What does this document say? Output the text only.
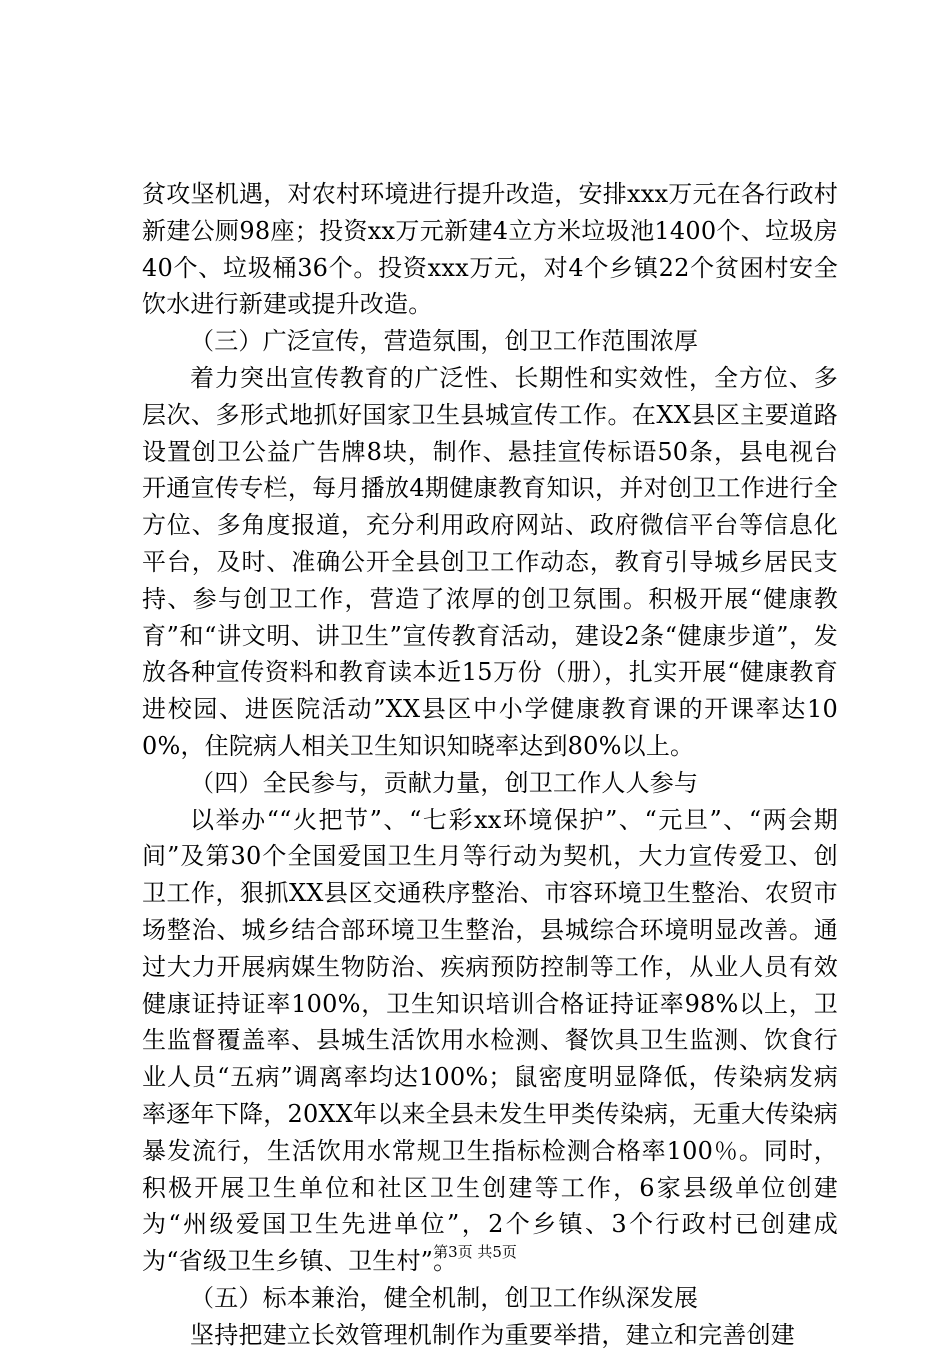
贫攻坚机遇，对农村环境进行提升改造，安排xxx万元在各行政村新建公厕98座；投资xx万元新建4立方米垃圾池1400个、垃圾房40个、垃圾桶36个。投资xxx万元，对4个乡镇22个贫困村安全饮水进行新建或提升改造。

（三）广泛宣传，营造氛围，创卫工作范围浓厚

着力突出宣传教育的广泛性、长期性和实效性，全方位、多层次、多形式地抓好国家卫生县城宣传工作。在XX县区主要道路设置创卫公益广告牌8块，制作、悬挂宣传标语50条，县电视台开通宣传专栏，每月播放4期健康教育知识，并对创卫工作进行全方位、多角度报道，充分利用政府网站、政府微信平台等信息化平台，及时、准确公开全县创卫工作动态，教育引导城乡居民支持、参与创卫工作，营造了浓厚的创卫氛围。积极开展“健康教育”和“讲文明、讲卫生”宣传教育活动，建设2条“健康步道”，发放各种宣传资料和教育读本近15万份（册），扎实开展“健康教育进校园、进医院活动”XX县区中小学健康教育课的开课率达100%，住院病人相关卫生知识知晓率达到80%以上。

（四）全民参与，贡献力量，创卫工作人人参与

以举办““火把节”、“七彩xx环境保护”、“元旦”、“两会期间”及第30个全国爱国卫生月等行动为契机，大力宣传爱卫、创卫工作，狠抓XX县区交通秩序整治、市容环境卫生整治、农贸市场整治、城乡结合部环境卫生整治，县城综合环境明显改善。通过大力开展病媒生物防治、疾病预防控制等工作，从业人员有效健康证持证率100%，卫生知识培训合格证持证率98%以上，卫生监督覆盖率、县城生活饮用水检测、餐饮具卫生监测、饮食行业人员“五病”调离率均达100%；鼠密度明显降低，传染病发病率逐年下降，20XX年以来全县未发生甲类传染病，无重大传染病暴发流行，生活饮用水常规卫生指标检测合格率100％。同时，积极开展卫生单位和社区卫生创建等工作，6家县级单位创建为“州级爱国卫生先进单位”，2个乡镇、3个行政村已创建成为“省级卫生乡镇、卫生村”。

（五）标本兼治，健全机制，创卫工作纵深发展

坚持把建立长效管理机制作为重要举措，建立和完善创建

第3页 共5页
